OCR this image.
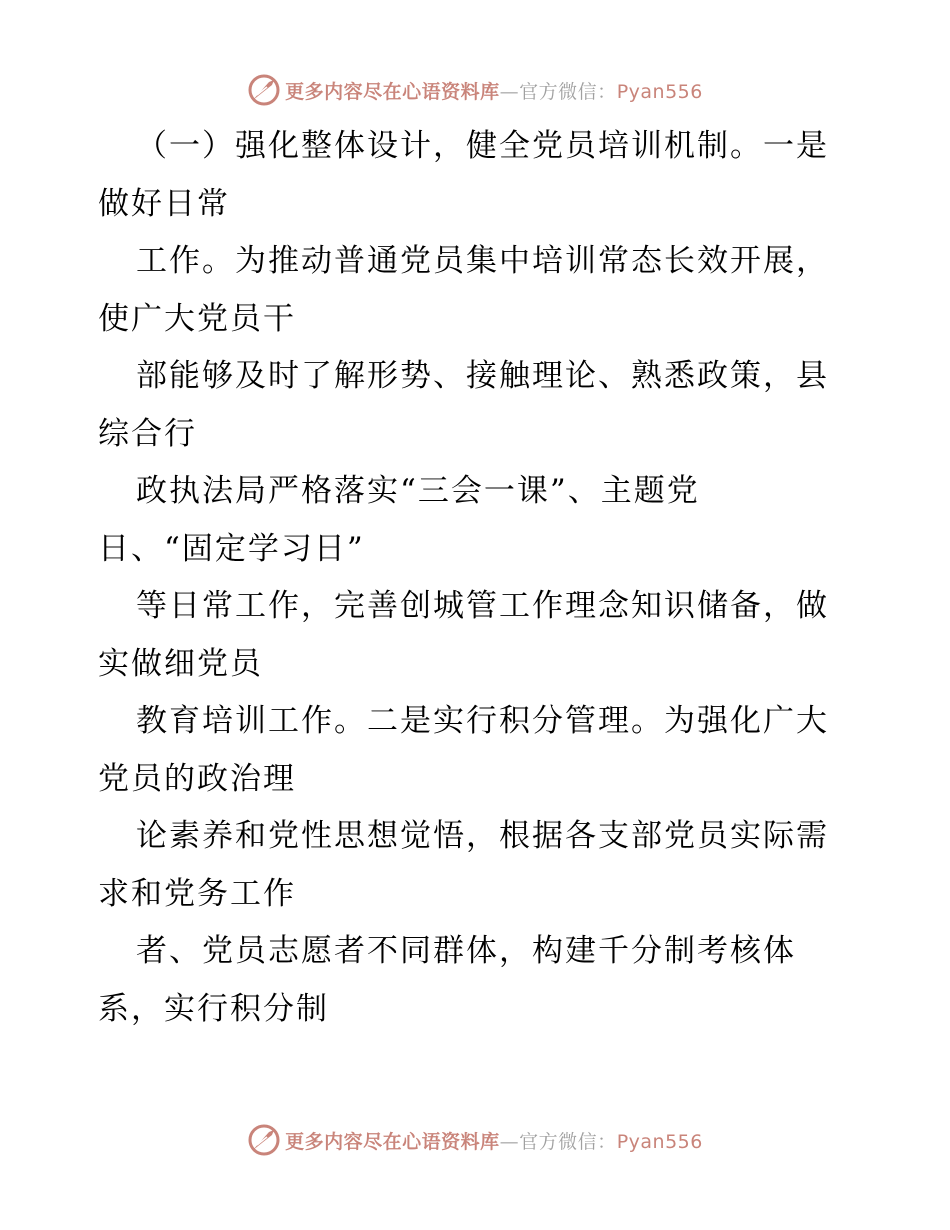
更多内容尽在心语资料库—官方微信：Pyan556
（一）强化整体设计，健全党员培训机制。一是
做好日常
工作。为推动普通党员集中培训常态长效开展，
使广大党员干
部能够及时了解形势、接触理论、熟悉政策，县
综合行
政执法局严格落实“三会一课”、主题党
日、“固定学习日”
等日常工作，完善创城管工作理念知识储备，做
实做细党员
教育培训工作。二是实行积分管理。为强化广大
党员的政治理
论素养和党性思想觉悟，根据各支部党员实际需
求和党务工作
者、党员志愿者不同群体，构建千分制考核体
系，实行积分制
更多内容尽在心语资料库—官方微信：Pyan556
